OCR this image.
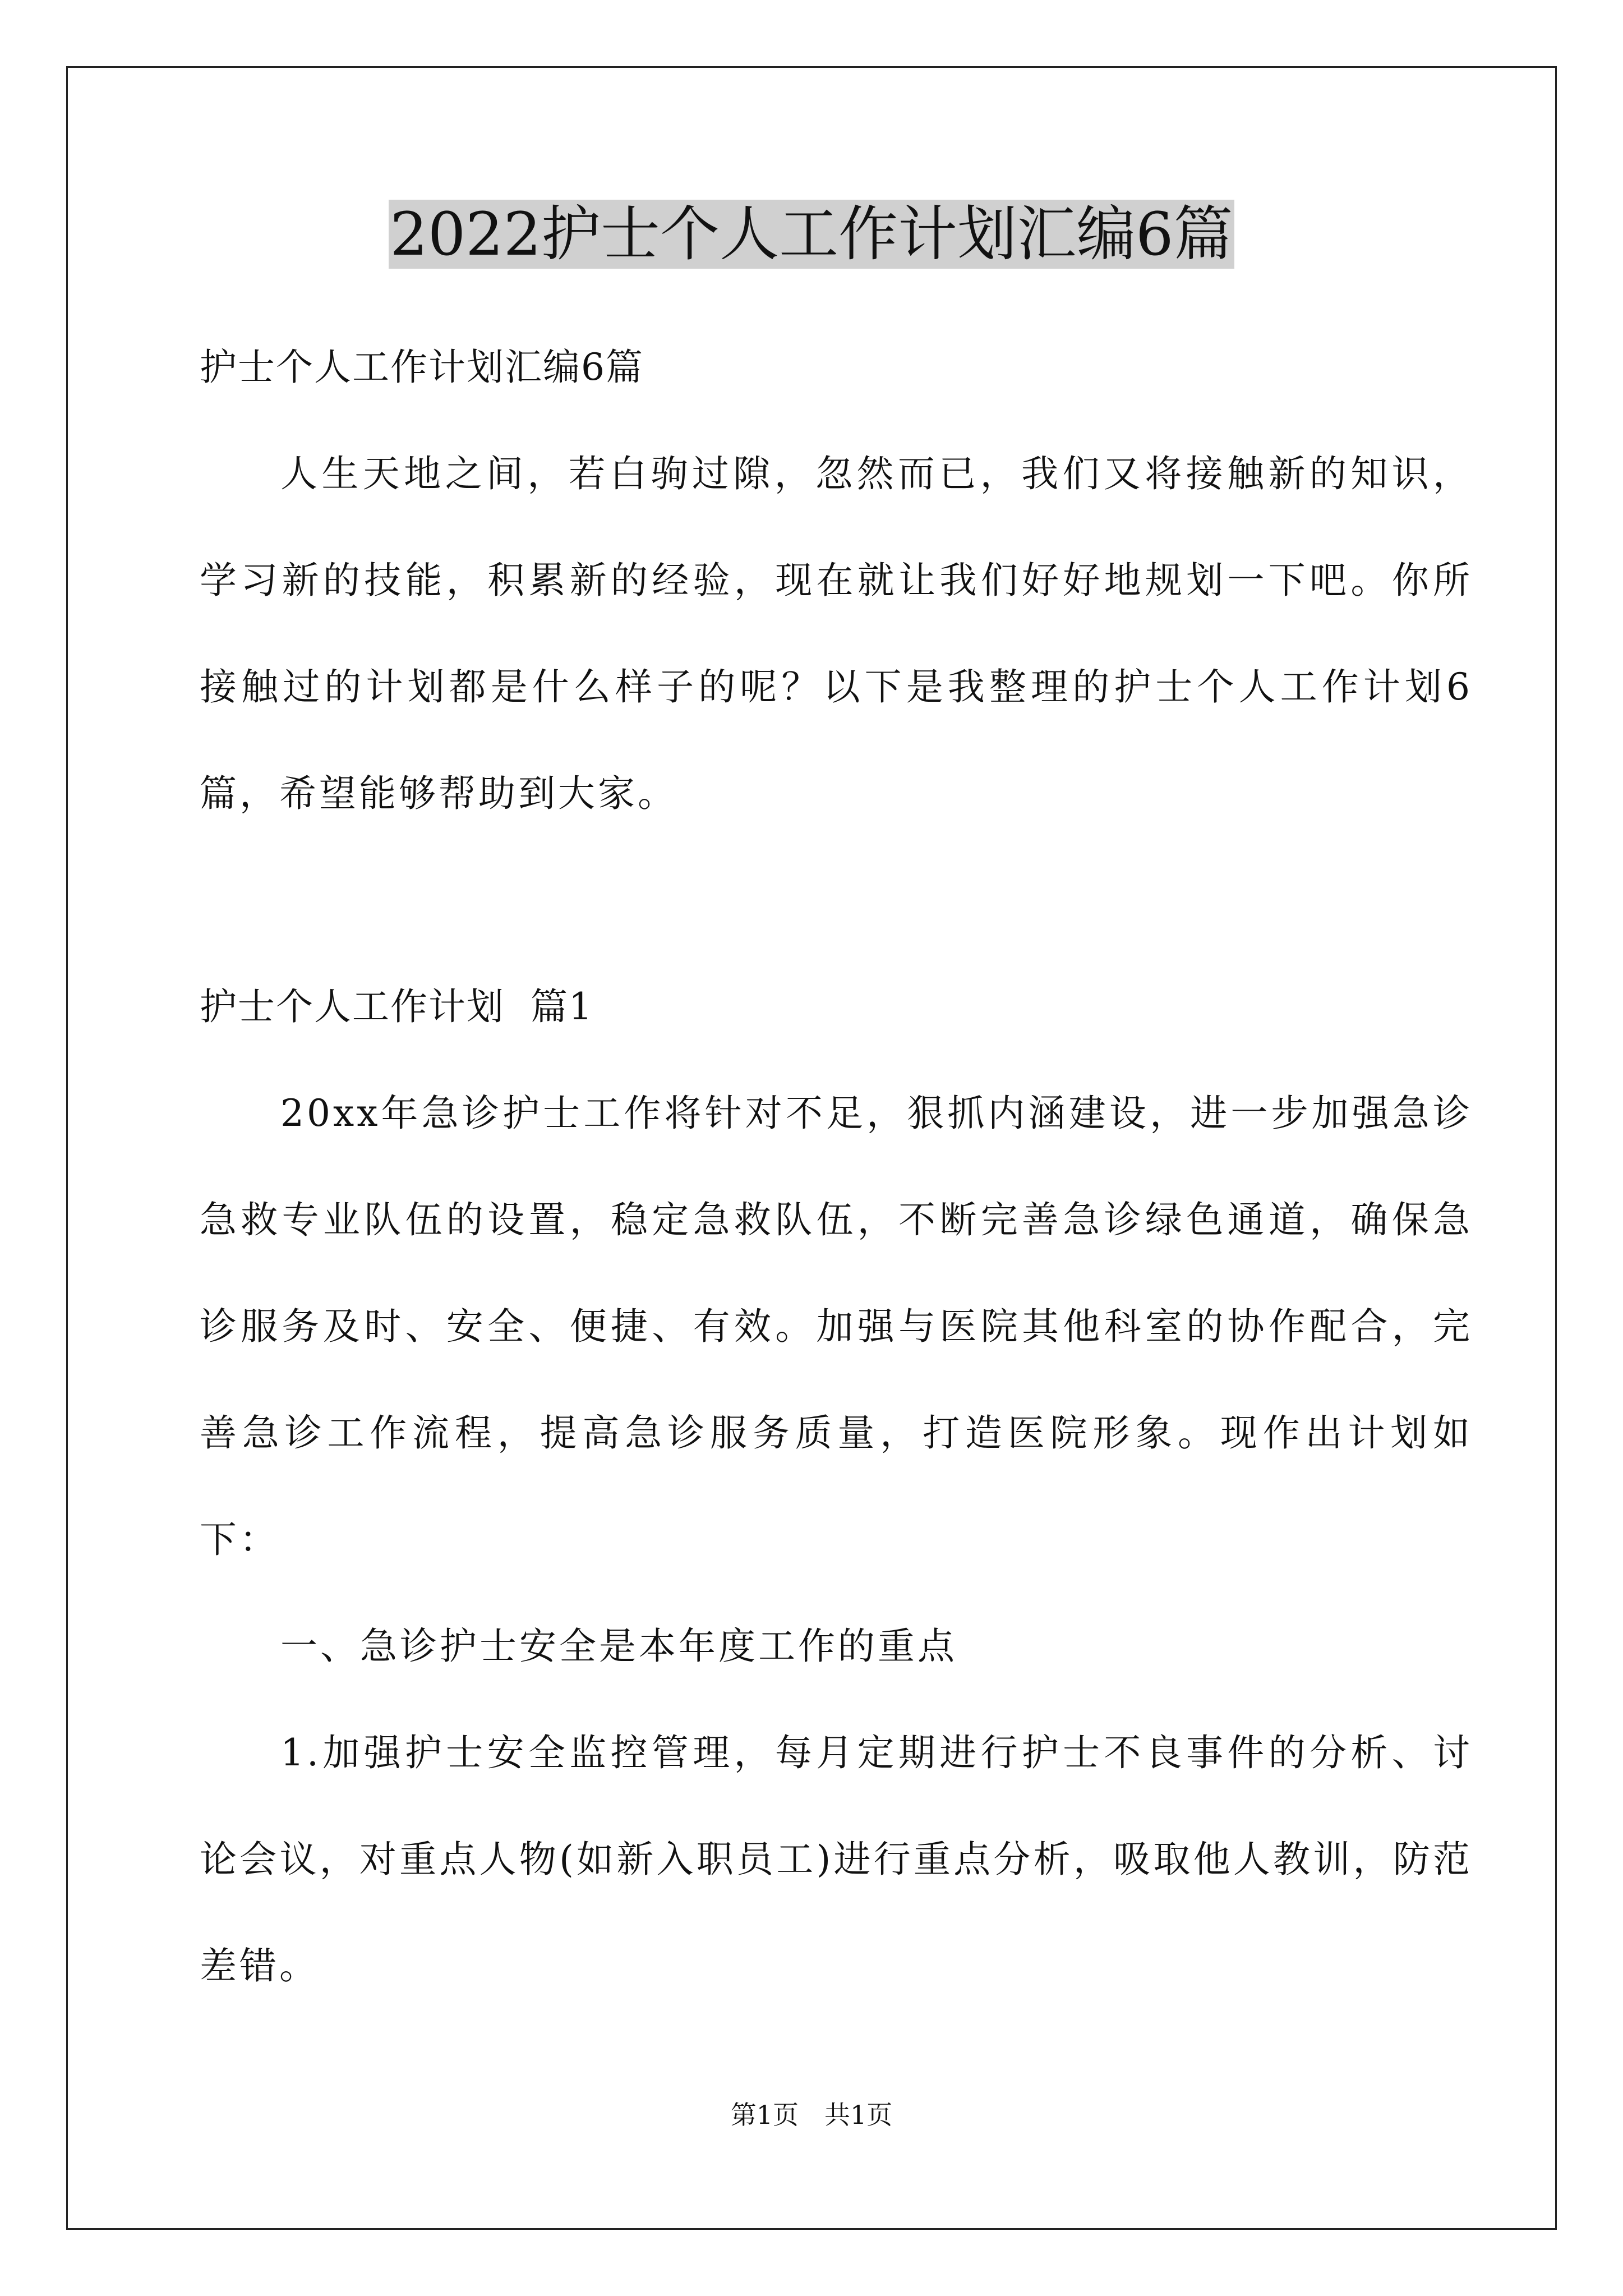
2022护士个人工作计划汇编6篇

护士个人工作计划汇编6篇

人生天地之间，若白驹过隙，忽然而已，我们又将接触新的知识，学习新的技能，积累新的经验，现在就让我们好好地规划一下吧。你所接触过的计划都是什么样子的呢？以下是我整理的护士个人工作计划6篇，希望能够帮助到大家。

护士个人工作计划  篇1

20xx年急诊护士工作将针对不足，狠抓内涵建设，进一步加强急诊急救专业队伍的设置，稳定急救队伍，不断完善急诊绿色通道，确保急诊服务及时、安全、便捷、有效。加强与医院其他科室的协作配合，完善急诊工作流程，提高急诊服务质量，打造医院形象。现作出计划如下：

一、急诊护士安全是本年度工作的重点

1.加强护士安全监控管理，每月定期进行护士不良事件的分析、讨论会议，对重点人物(如新入职员工)进行重点分析，吸取他人教训，防范差错。

第1页 共1页
